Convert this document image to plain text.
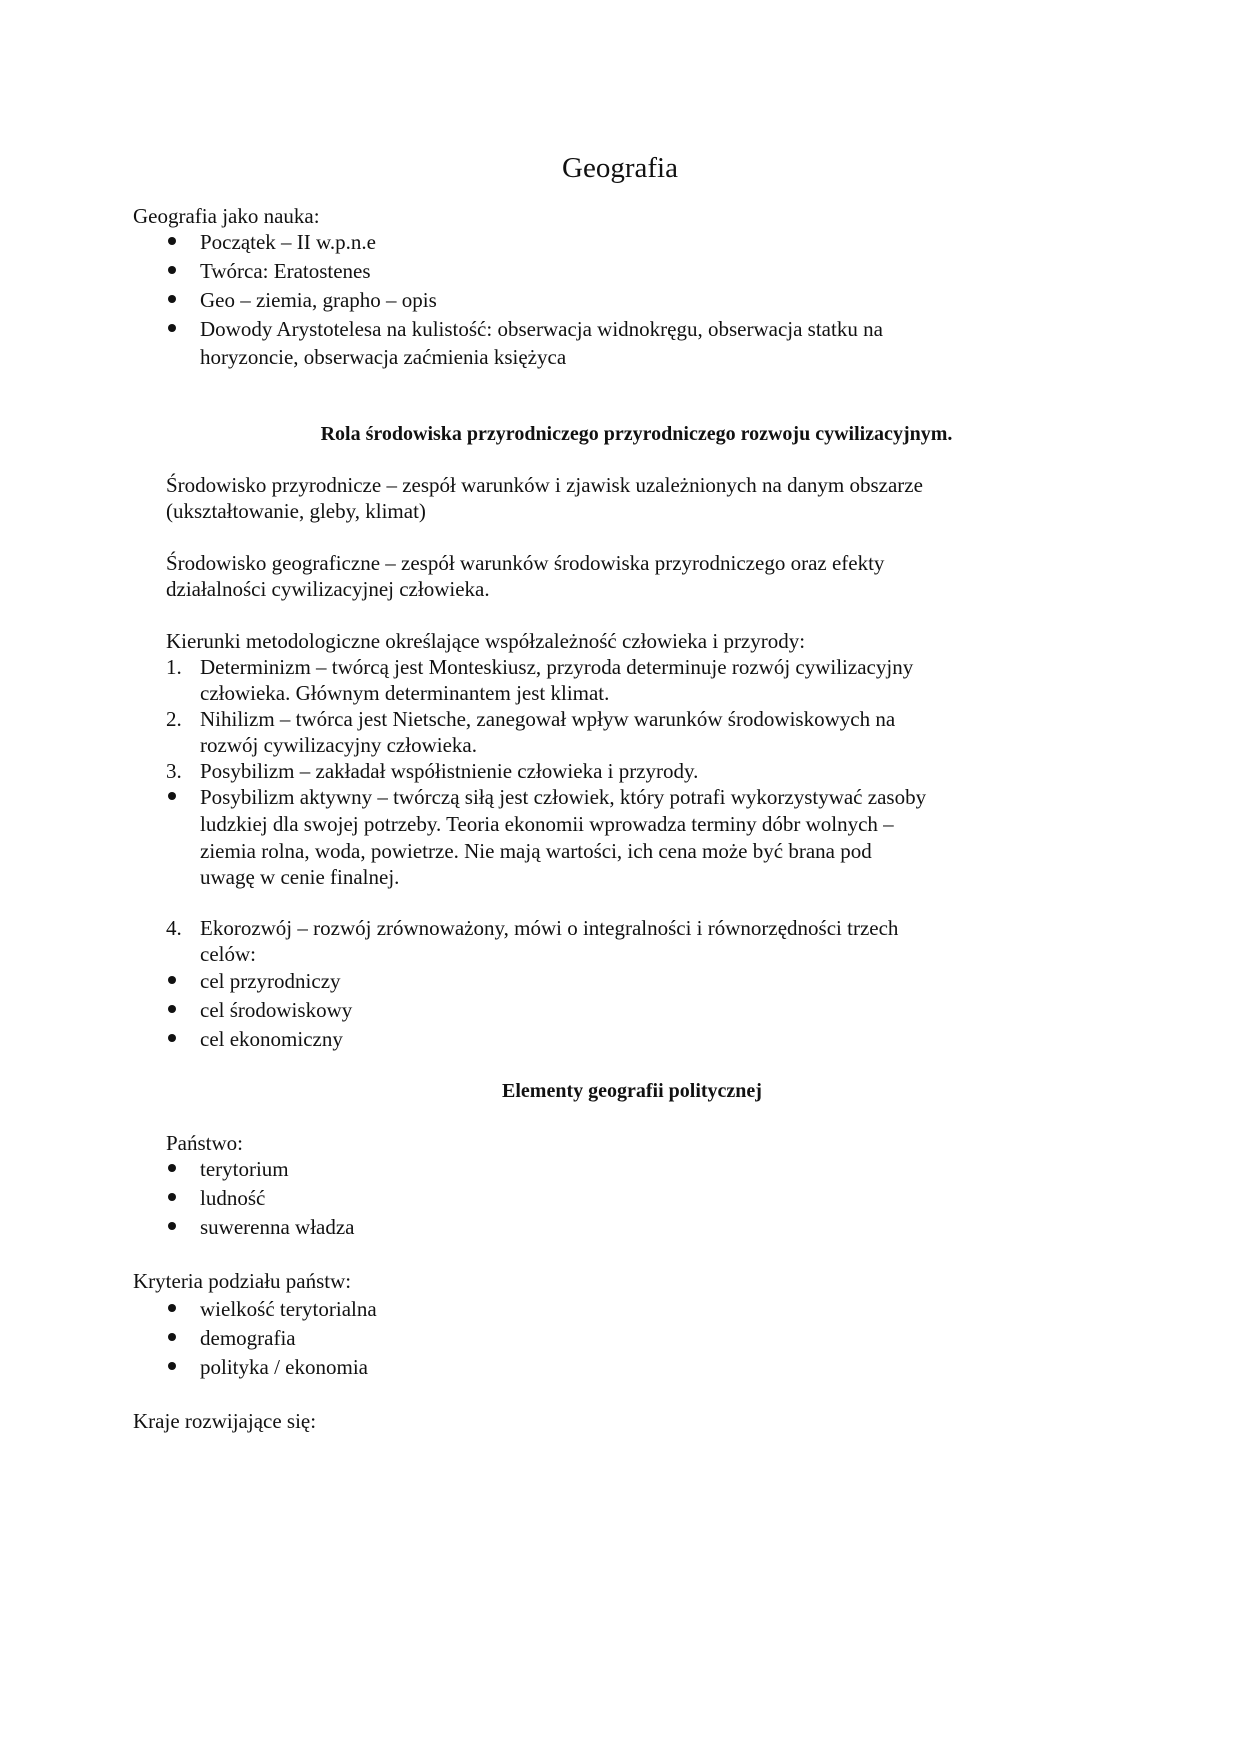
Geografia
Geografia jako nauka:
Początek – II w.p.n.e
Twórca: Eratostenes
Geo – ziemia, grapho – opis
Dowody Arystotelesa na kulistość: obserwacja widnokręgu, obserwacja statku na
horyzoncie, obserwacja zaćmienia księżyca
Rola środowiska przyrodniczego przyrodniczego rozwoju cywilizacyjnym.
Środowisko przyrodnicze – zespół warunków i zjawisk uzależnionych na danym obszarze
(ukształtowanie, gleby, klimat)
Środowisko geograficzne – zespół warunków środowiska przyrodniczego oraz efekty
działalności cywilizacyjnej człowieka.
Kierunki metodologiczne określające współzależność człowieka i przyrody:
1. Determinizm – twórcą jest Monteskiusz, przyroda determinuje rozwój cywilizacyjny
człowieka. Głównym determinantem jest klimat.
2. Nihilizm – twórca jest Nietsche, zanegował wpływ warunków środowiskowych na
rozwój cywilizacyjny człowieka.
3. Posybilizm – zakładał współistnienie człowieka i przyrody.
Posybilizm aktywny – twórczą siłą jest człowiek, który potrafi wykorzystywać zasoby
ludzkiej dla swojej potrzeby. Teoria ekonomii wprowadza terminy dóbr wolnych –
ziemia rolna, woda, powietrze. Nie mają wartości, ich cena może być brana pod
uwagę w cenie finalnej.
4. Ekorozwój – rozwój zrównoważony, mówi o integralności i równorzędności trzech
celów:
cel przyrodniczy
cel środowiskowy
cel ekonomiczny
Elementy geografii politycznej
Państwo:
terytorium
ludność
suwerenna władza
Kryteria podziału państw:
wielkość terytorialna
demografia
polityka / ekonomia
Kraje rozwijające się:
